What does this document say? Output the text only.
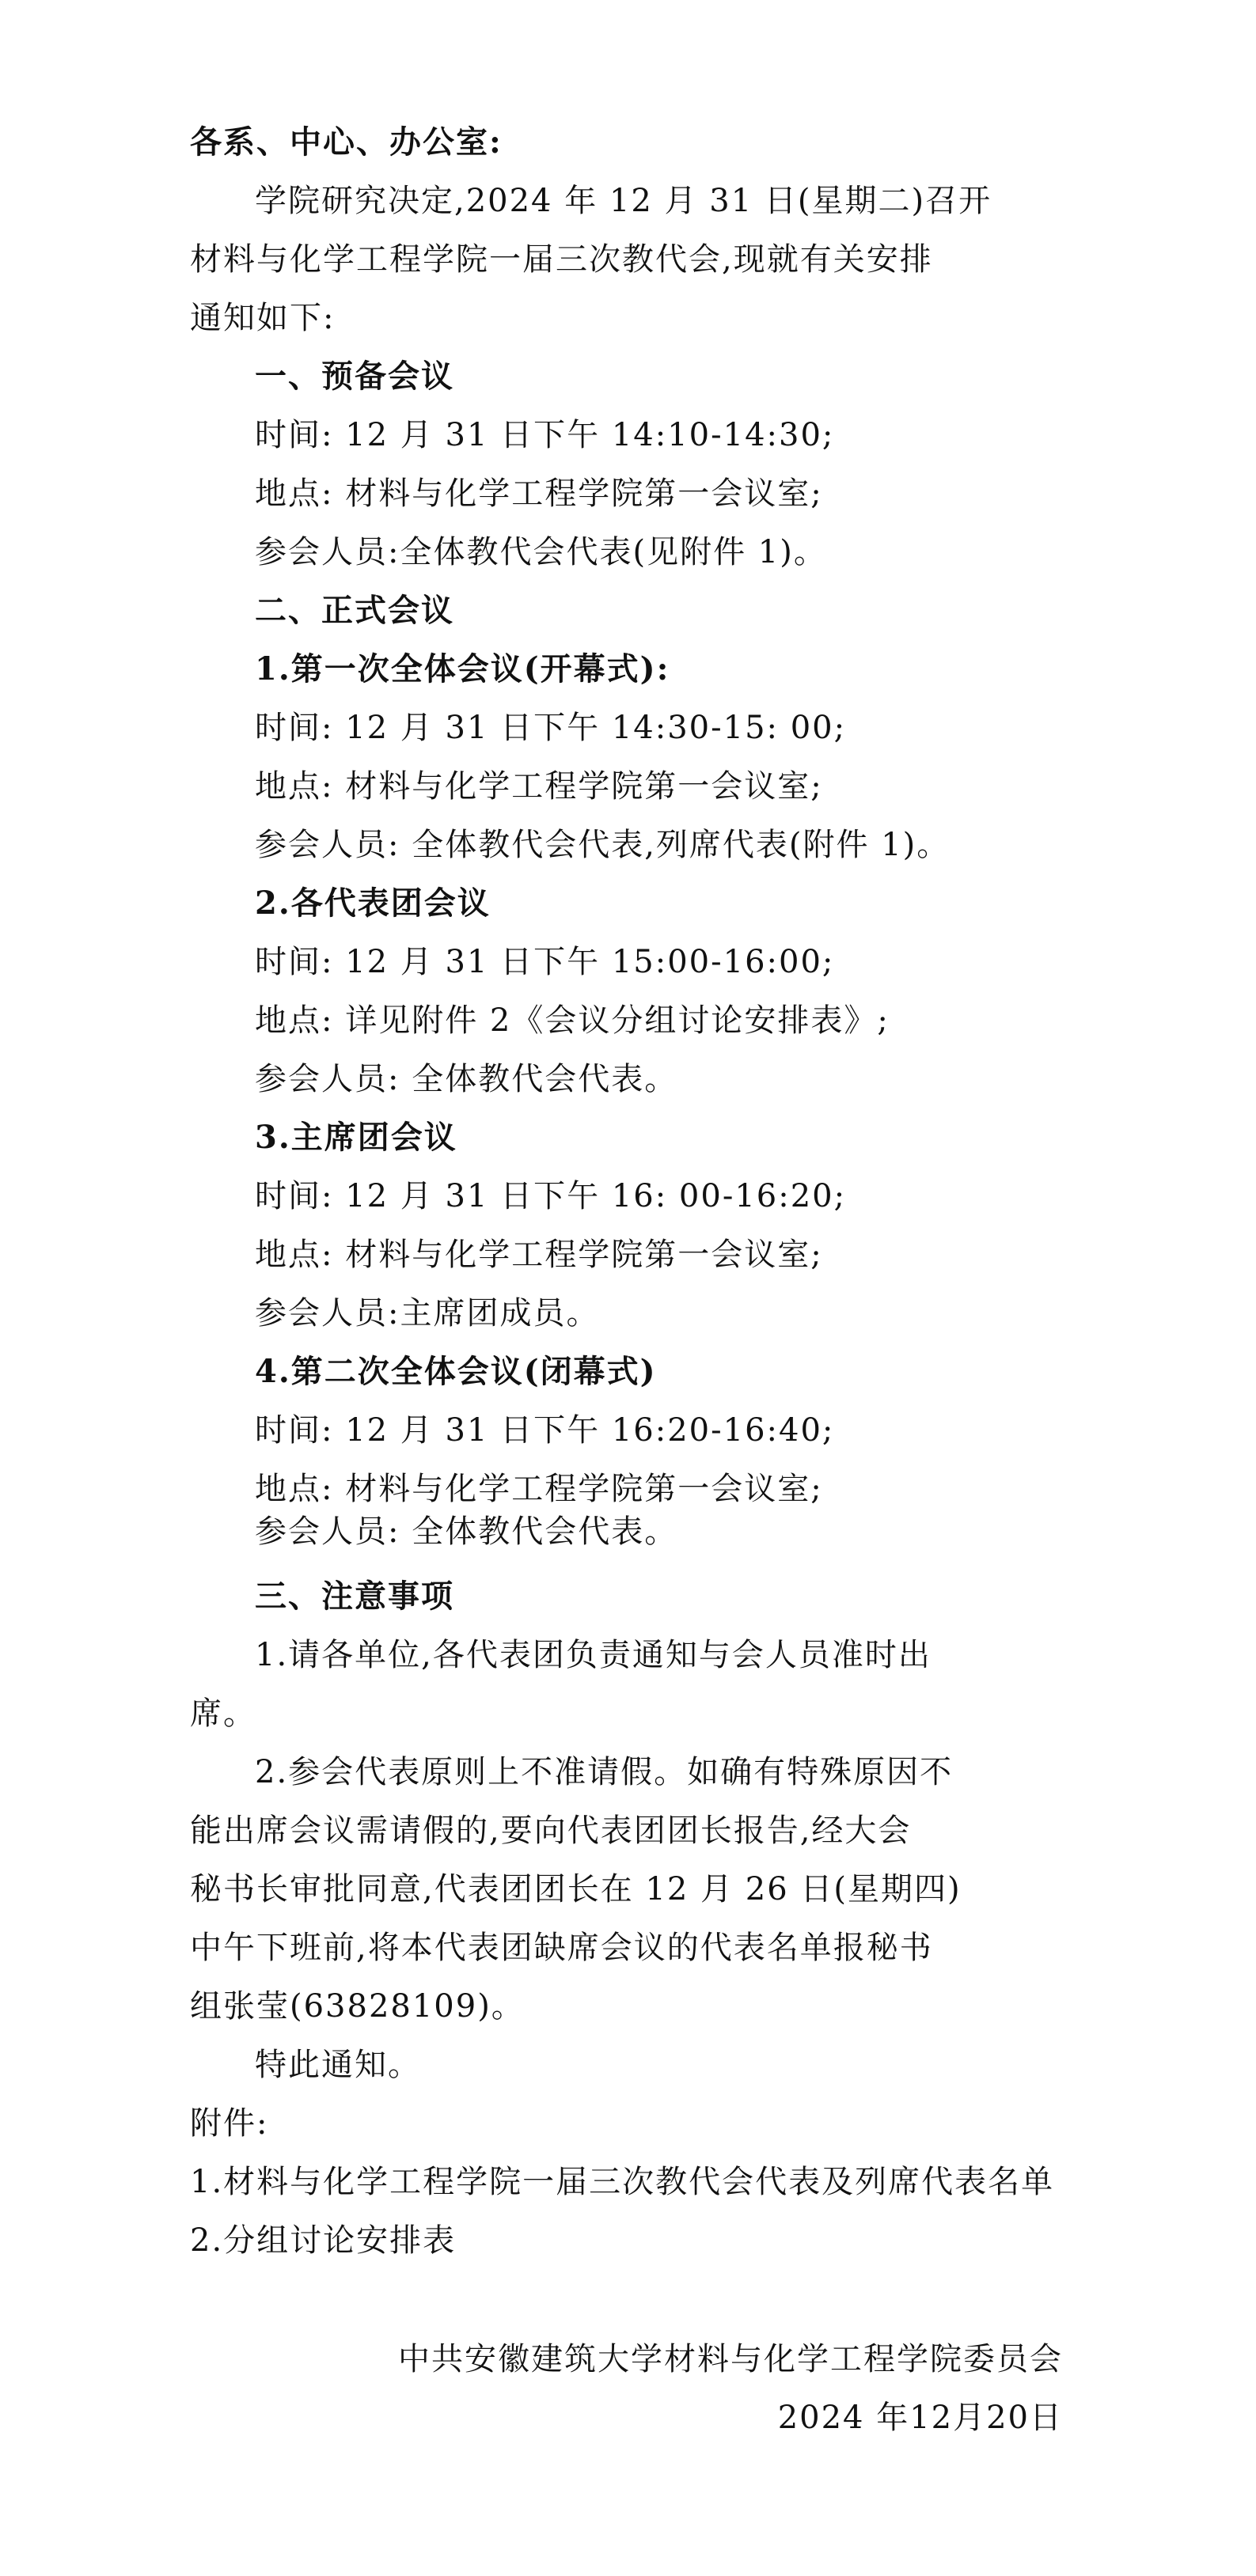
各系、中心、办公室:
学院研究决定,2024 年 12 月 31 日(星期二)召开
材料与化学工程学院一届三次教代会,现就有关安排
通知如下:
一、预备会议
时间: 12 月 31 日下午 14:10-14:30;
地点: 材料与化学工程学院第一会议室;
参会人员:全体教代会代表(见附件 1)。
二、正式会议
1.第一次全体会议(开幕式):
时间: 12 月 31 日下午 14:30-15: 00;
地点: 材料与化学工程学院第一会议室;
参会人员: 全体教代会代表,列席代表(附件 1)。
2.各代表团会议
时间: 12 月 31 日下午 15:00-16:00;
地点: 详见附件 2《会议分组讨论安排表》;
参会人员: 全体教代会代表。
3.主席团会议
时间: 12 月 31 日下午 16: 00-16:20;
地点: 材料与化学工程学院第一会议室;
参会人员:主席团成员。
4.第二次全体会议(闭幕式)
时间: 12 月 31 日下午 16:20-16:40;
地点: 材料与化学工程学院第一会议室;
参会人员: 全体教代会代表。
三、注意事项
1.请各单位,各代表团负责通知与会人员准时出
席。
2.参会代表原则上不准请假。如确有特殊原因不
能出席会议需请假的,要向代表团团长报告,经大会
秘书长审批同意,代表团团长在 12 月 26 日(星期四)
中午下班前,将本代表团缺席会议的代表名单报秘书
组张莹(63828109)。
特此通知。
附件:
1.材料与化学工程学院一届三次教代会代表及列席代表名单
2.分组讨论安排表
中共安徽建筑大学材料与化学工程学院委员会
2024 年12月20日
